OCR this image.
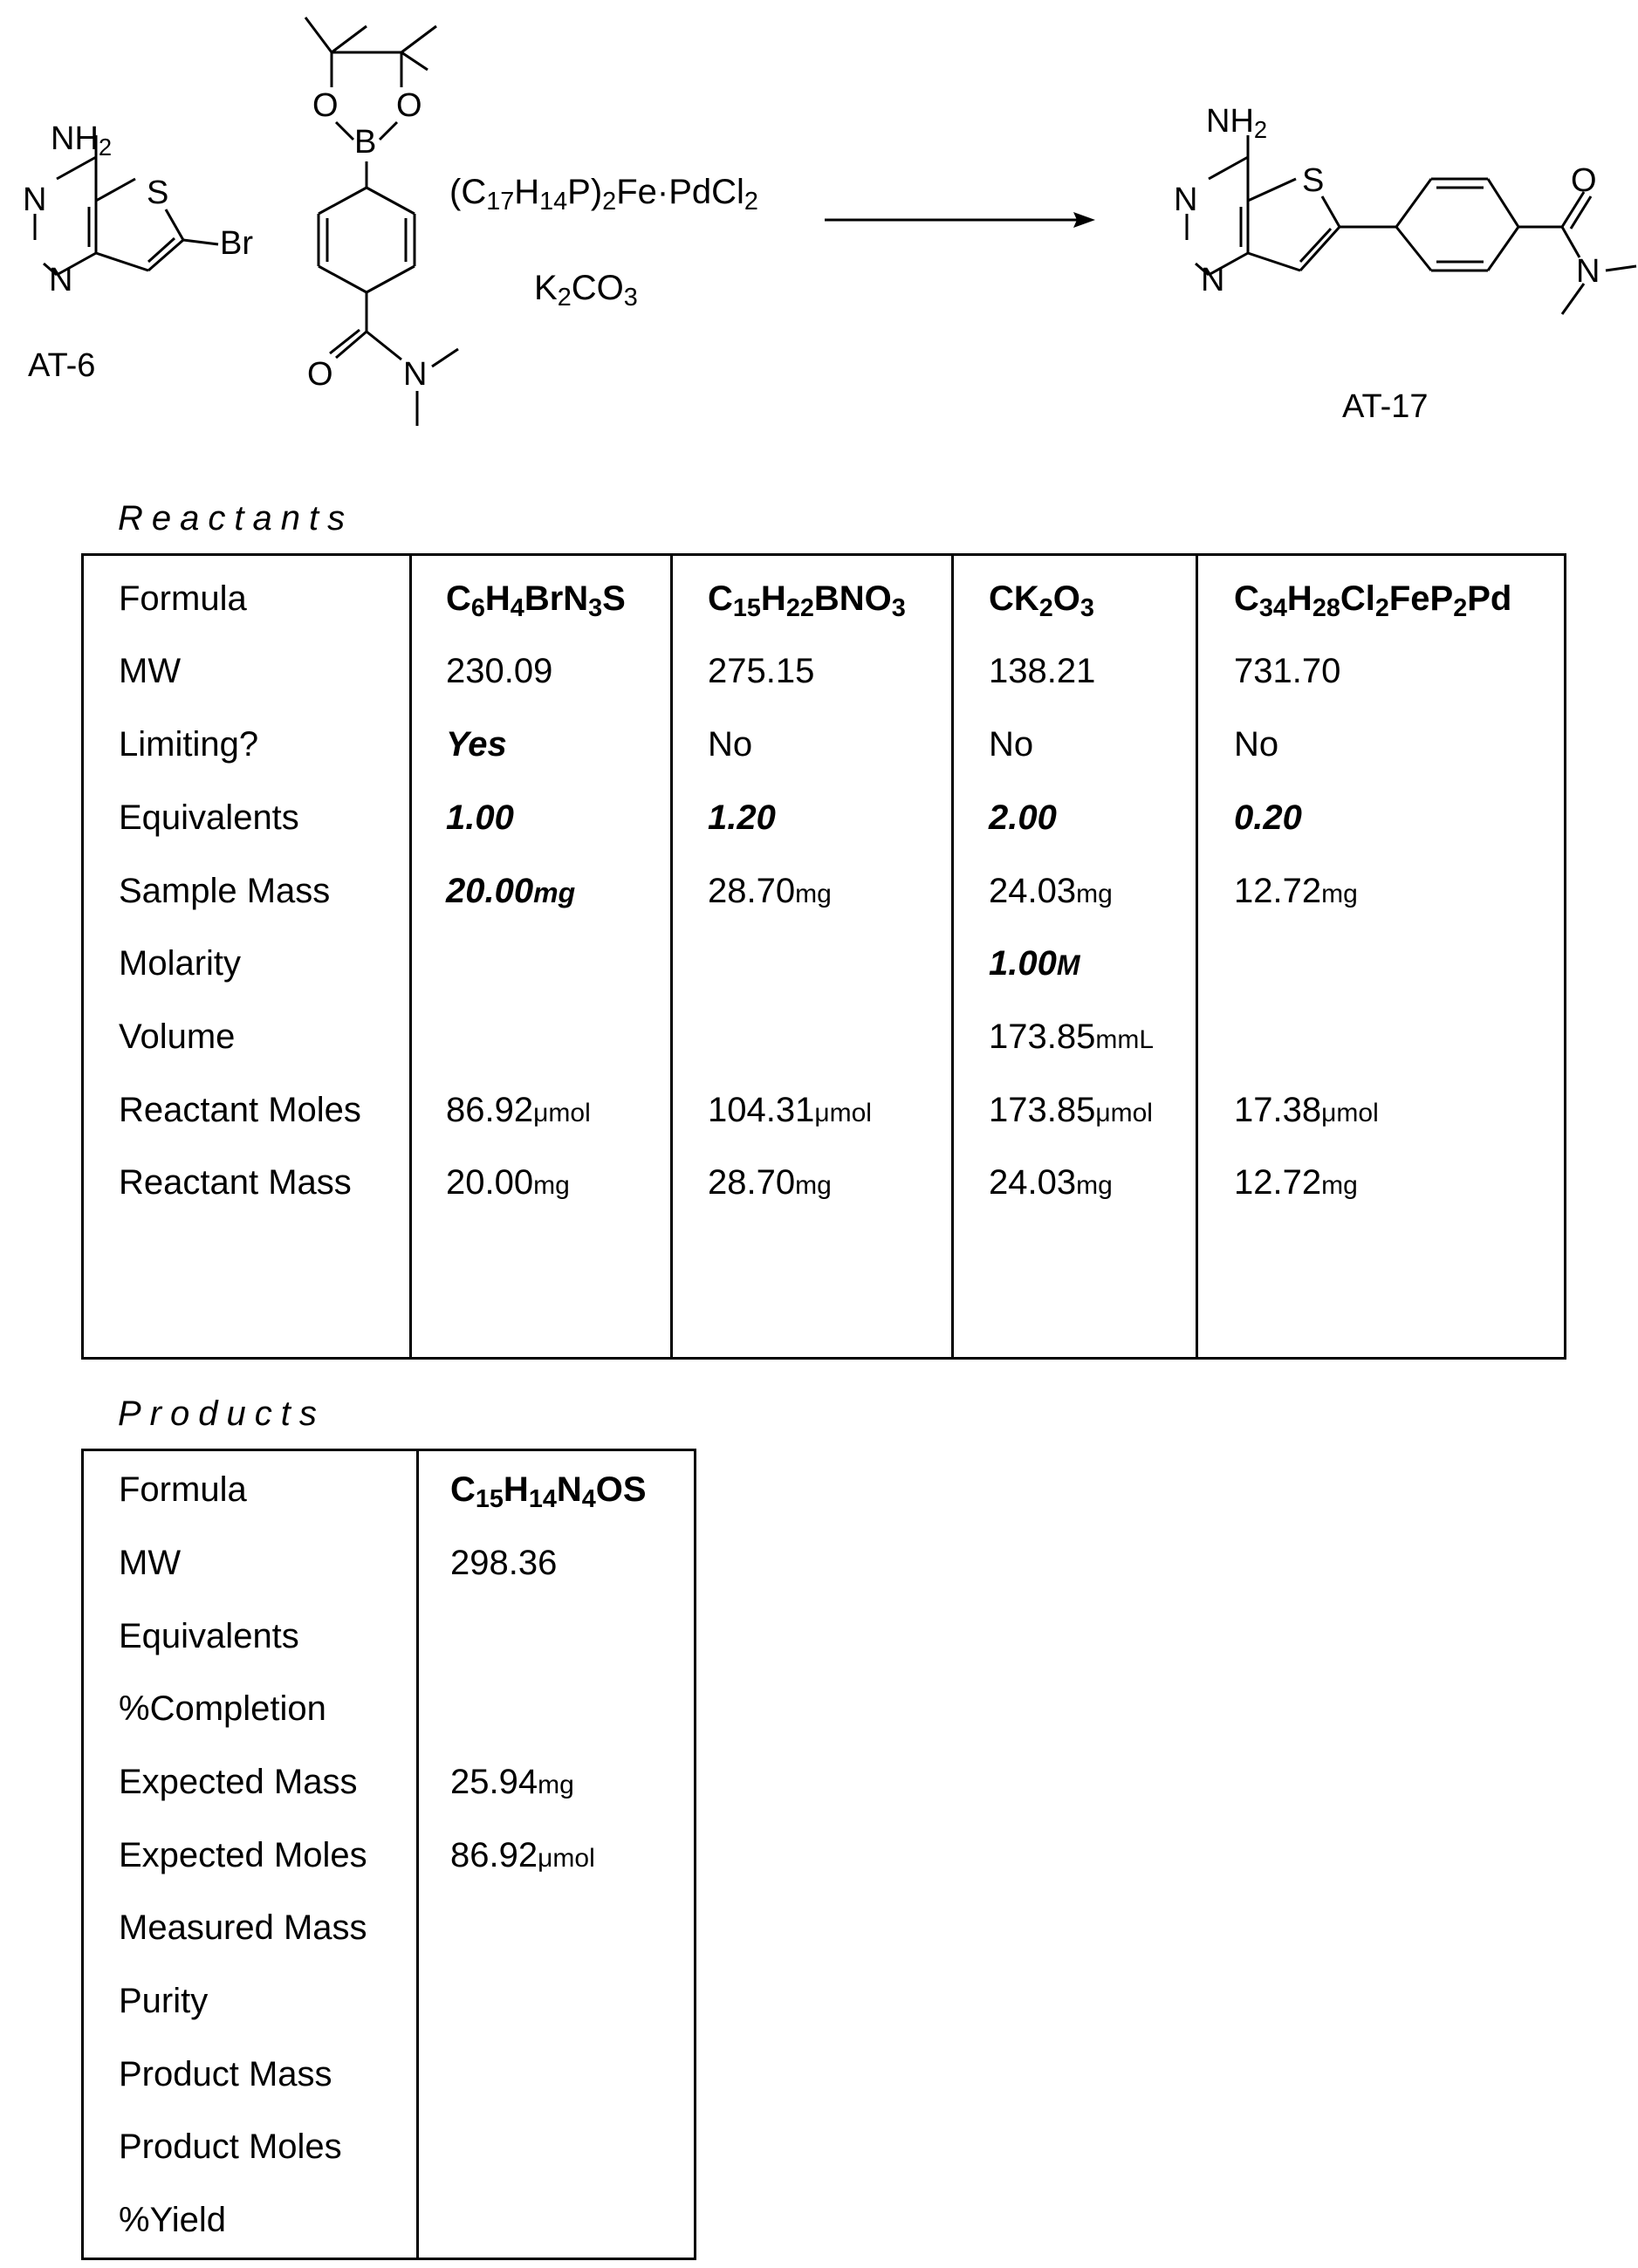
$NH_2$
N
N
S
Br
AT-6
O O
B
O N
$(C_{17}H_{14}P)_2Fe\cdot PdCl_2$
$K_2CO_3$
$NH_2$
N
N
S	O
N
AT-17
Reactants
Formula
MW
Limiting?
Equivalents
Sample Mass
Molarity
Volume
Reactant Moles
Reactant Mass
$C_6H_4BrN_3S$
230.09
Yes
1.00
20.00mg
86.92μmol
20.00mg
$C_{15}H_{22}BNO_3$
275.15
No
1.20
28.70mg
104.31μmol
28.70mg
$CK_2O_3$
138.21
No
2.00
24.03mg
1.00M
173.85mmL
173.85μmol
24.03mg
$C_{34}H_{28}Cl_2FeP_2Pd$
731.70
No
0.20
12.72mg
17.38μmol
12.72mg
Products
Formula
MW
Equivalents
%Completion
Expected Mass
Expected Moles
Measured Mass
Purity
Product Mass
Product Moles
%Yield
$C_{15}H_{14}N_4OS$
298.36
25.94mg
86.92μmol
